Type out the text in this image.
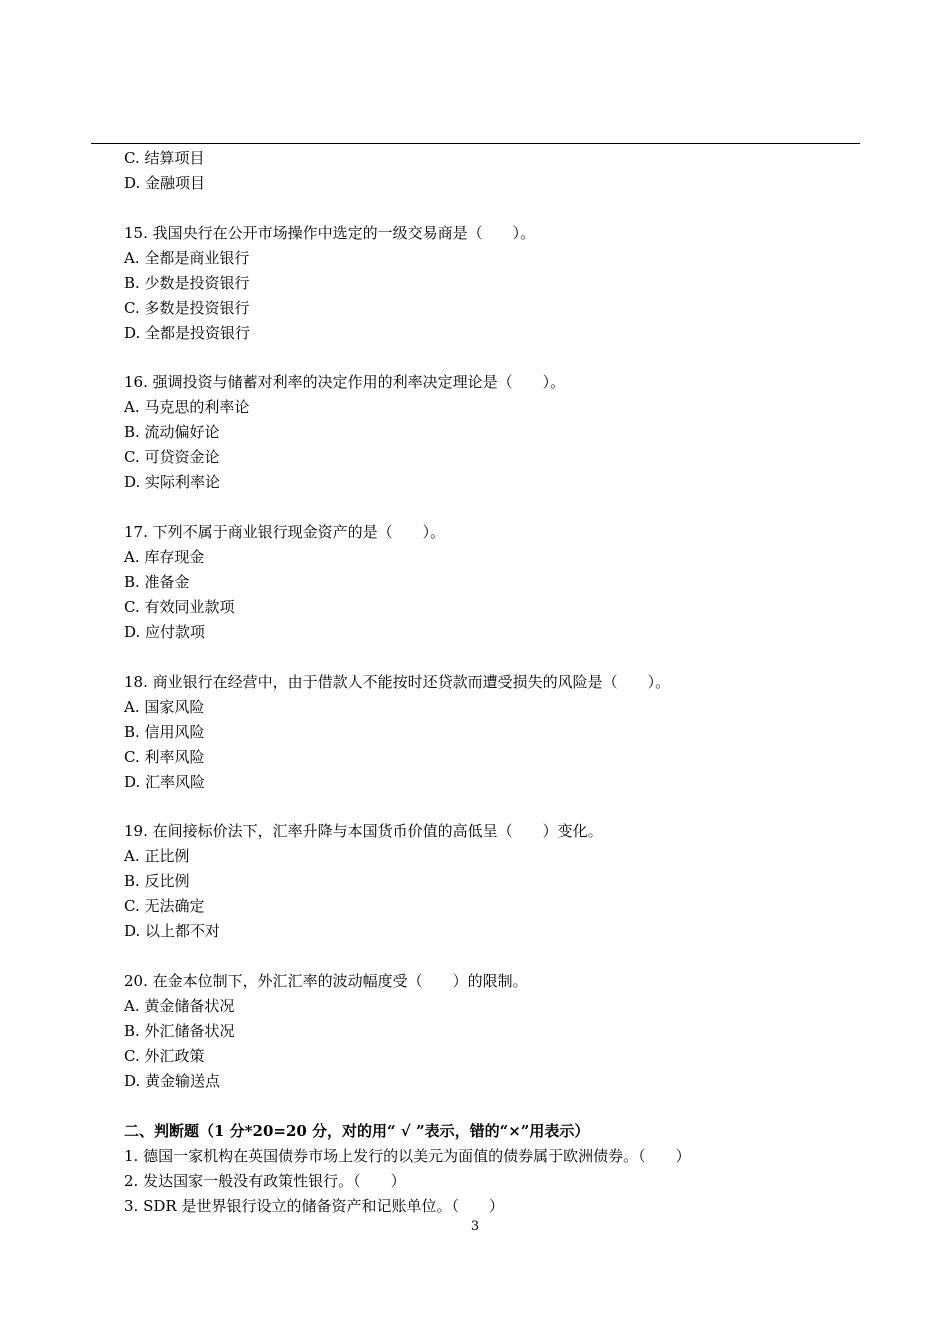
C. 结算项目
D. 金融项目
15. 我国央行在公开市场操作中选定的一级交易商是（　　）。
A. 全都是商业银行
B. 少数是投资银行
C. 多数是投资银行
D. 全都是投资银行
16. 强调投资与储蓄对利率的决定作用的利率决定理论是（　　）。
A. 马克思的利率论
B. 流动偏好论
C. 可贷资金论
D. 实际利率论
17. 下列不属于商业银行现金资产的是（　　）。
A. 库存现金
B. 准备金
C. 有效同业款项
D. 应付款项
18. 商业银行在经营中，由于借款人不能按时还贷款而遭受损失的风险是（　　）。
A. 国家风险
B. 信用风险
C. 利率风险
D. 汇率风险
19. 在间接标价法下，汇率升降与本国货币价值的高低呈（　　）变化。
A. 正比例
B. 反比例
C. 无法确定
D. 以上都不对
20. 在金本位制下，外汇汇率的波动幅度受（　　）的限制。
A. 黄金储备状况
B. 外汇储备状况
C. 外汇政策
D. 黄金输送点
二、判断题（1 分*20=20 分，对的用“ √ ”表示，错的“×”用表示）
1. 德国一家机构在英国债券市场上发行的以美元为面值的债券属于欧洲债券。（　　）
2. 发达国家一般没有政策性银行。（　　）
3. SDR 是世界银行设立的储备资产和记账单位。（　　）
3
